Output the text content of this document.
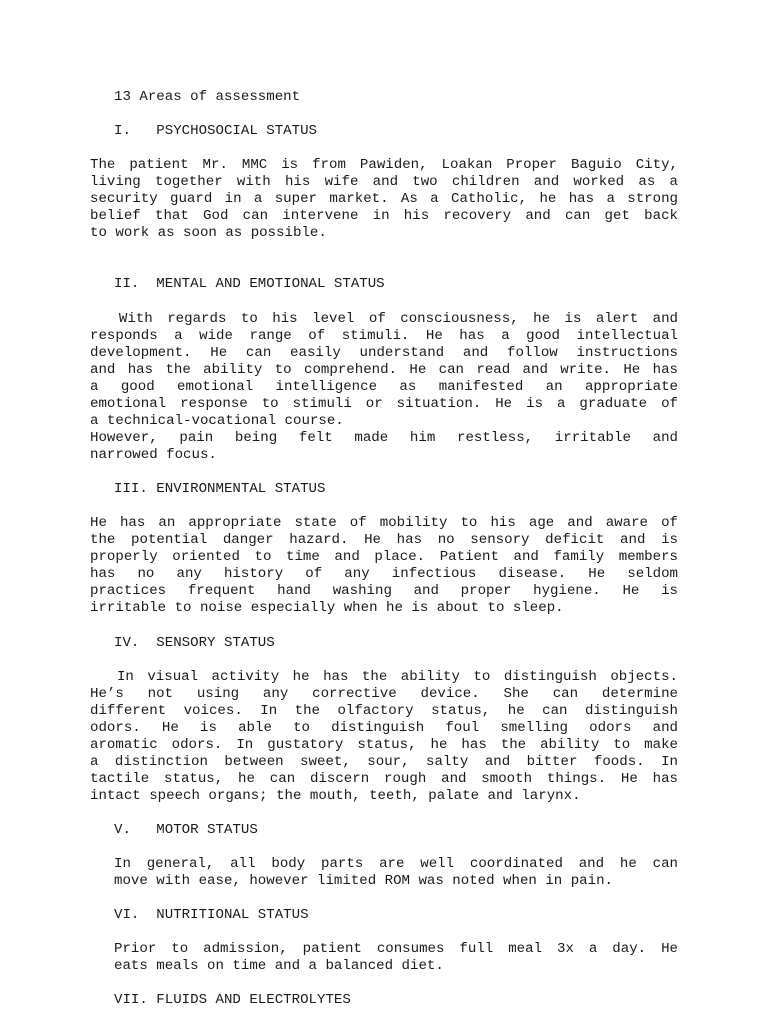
13 Areas of assessment

I.   PSYCHOSOCIAL STATUS

The patient Mr. MMC is from Pawiden, Loakan Proper Baguio City,

living together with his wife and two children and worked as a

security guard in a super market. As a Catholic, he has a strong

belief that God can intervene in his recovery and can get back

to work as soon as possible.

II.  MENTAL AND EMOTIONAL STATUS

With regards to his level of consciousness, he is alert and

responds a wide range of stimuli. He has a good intellectual

development. He can easily understand and follow instructions

and has the ability to comprehend. He can read and write. He has

a good emotional intelligence as manifested an appropriate

emotional response to stimuli or situation. He is a graduate of

a technical-vocational course.

However, pain being felt made him restless, irritable and

narrowed focus.

III. ENVIRONMENTAL STATUS

He has an appropriate state of mobility to his age and aware of

the potential danger hazard. He has no sensory deficit and is

properly oriented to time and place. Patient and family members

has no any history of any infectious disease. He seldom

practices frequent hand washing and proper hygiene. He is

irritable to noise especially when he is about to sleep.

IV.  SENSORY STATUS

In visual activity he has the ability to distinguish objects.

He’s not using any corrective device. She can determine

different voices. In the olfactory status, he can distinguish

odors. He is able to distinguish foul smelling odors and

aromatic odors. In gustatory status, he has the ability to make

a distinction between sweet, sour, salty and bitter foods. In

tactile status, he can discern rough and smooth things. He has

intact speech organs; the mouth, teeth, palate and larynx.

V.   MOTOR STATUS

In general, all body parts are well coordinated and he can

move with ease, however limited ROM was noted when in pain.

VI.  NUTRITIONAL STATUS

Prior to admission, patient consumes full meal 3x a day. He

eats meals on time and a balanced diet.

VII. FLUIDS AND ELECTROLYTES
